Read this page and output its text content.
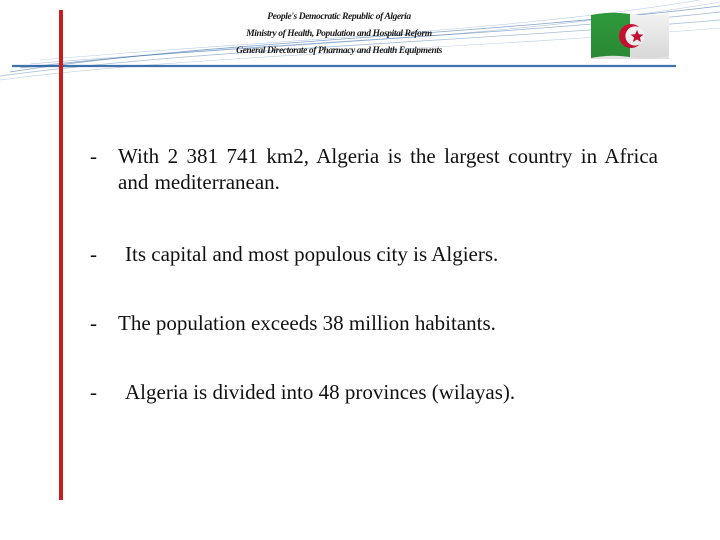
People's Democratic Republic of Algeria
Ministry of Health, Population and Hospital Reform
General Directorate of Pharmacy and Health Equipments
- With 2 381 741 km2, Algeria is the largest country in Africa and mediterranean.
- Its capital and most populous city is Algiers.
- The population exceeds 38 million habitants.
- Algeria is divided into 48 provinces (wilayas).
